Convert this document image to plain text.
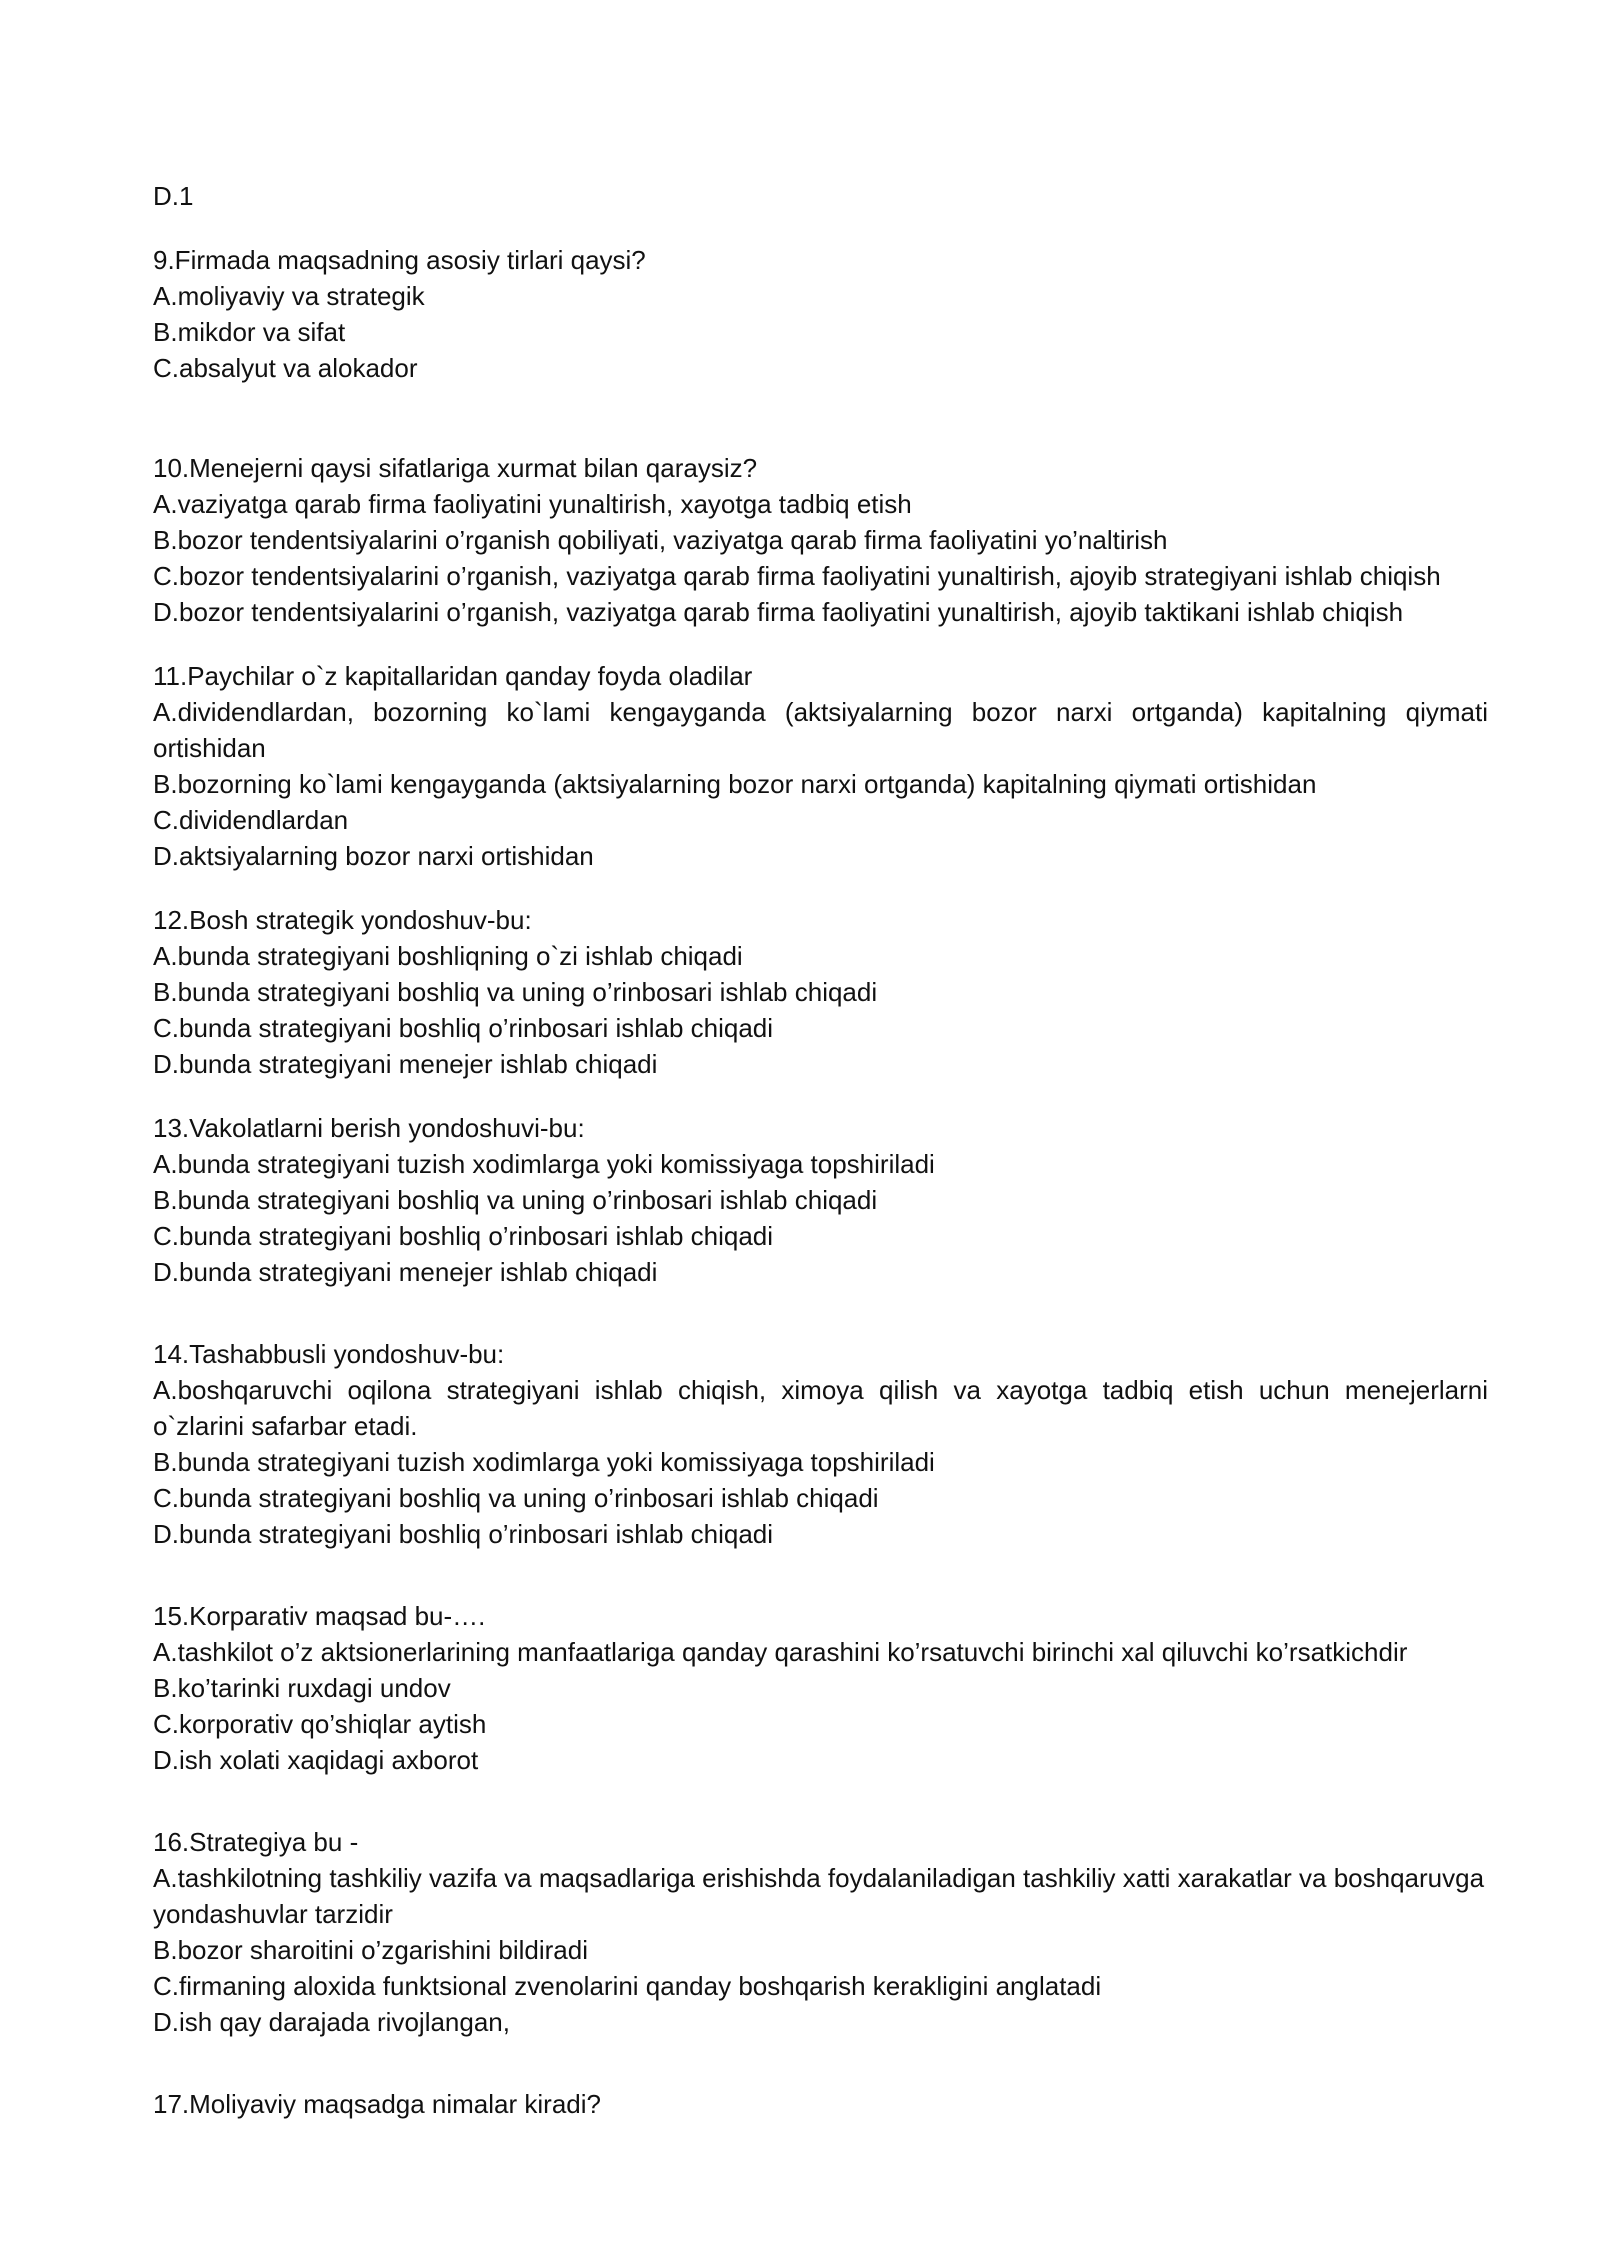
D.1

9.Firmada maqsadning asosiy tirlari qaysi?

A.moliyaviy va strategik

B.mikdor va sifat

C.absalyut va alokador

10.Menejerni qaysi sifatlariga xurmat bilan qaraysiz?

A.vaziyatga qarab firma faoliyatini yunaltirish, xayotga tadbiq etish

B.bozor tendentsiyalarini o’rganish qobiliyati, vaziyatga qarab firma faoliyatini yo’naltirish

C.bozor tendentsiyalarini o’rganish, vaziyatga qarab firma faoliyatini yunaltirish, ajoyib strategiyani ishlab chiqish

D.bozor tendentsiyalarini o’rganish, vaziyatga qarab firma faoliyatini yunaltirish, ajoyib taktikani ishlab chiqish

11.Paychilar o`z kapitallaridan qanday foyda oladilar

A.dividendlardan, bozorning ko`lami kengayganda (aktsiyalarning bozor narxi ortganda) kapitalning qiymati ortishidan

B.bozorning ko`lami kengayganda (aktsiyalarning bozor narxi ortganda) kapitalning qiymati ortishidan

C.dividendlardan

D.aktsiyalarning bozor narxi ortishidan

12.Bosh strategik yondoshuv-bu:

A.bunda strategiyani boshliqning o`zi ishlab chiqadi

B.bunda strategiyani boshliq va uning o’rinbosari ishlab chiqadi

C.bunda strategiyani boshliq o’rinbosari ishlab chiqadi

D.bunda strategiyani menejer ishlab chiqadi

13.Vakolatlarni berish yondoshuvi-bu:

A.bunda strategiyani tuzish xodimlarga yoki komissiyaga topshiriladi

B.bunda strategiyani boshliq va uning o’rinbosari ishlab chiqadi

C.bunda strategiyani boshliq o’rinbosari ishlab chiqadi

D.bunda strategiyani menejer ishlab chiqadi

14.Tashabbusli yondoshuv-bu:

A.boshqaruvchi oqilona strategiyani ishlab chiqish, ximoya qilish va xayotga tadbiq etish uchun menejerlarni o`zlarini safarbar etadi.

B.bunda strategiyani tuzish xodimlarga yoki komissiyaga topshiriladi

C.bunda strategiyani boshliq va uning o’rinbosari ishlab chiqadi

D.bunda strategiyani boshliq o’rinbosari ishlab chiqadi

15.Korparativ maqsad bu-….

A.tashkilot o’z aktsionerlarining manfaatlariga qanday qarashini ko’rsatuvchi birinchi xal qiluvchi ko’rsatkichdir

B.ko’tarinki ruxdagi undov

C.korporativ qo’shiqlar aytish

D.ish xolati xaqidagi axborot

16.Strategiya bu -

A.tashkilotning tashkiliy vazifa va maqsadlariga erishishda foydalaniladigan tashkiliy xatti xarakatlar va boshqaruvga yondashuvlar tarzidir

B.bozor sharoitini o’zgarishini bildiradi

C.firmaning aloxida funktsional zvenolarini qanday boshqarish kerakligini anglatadi

D.ish qay darajada rivojlangan,

17.Moliyaviy maqsadga nimalar kiradi?
